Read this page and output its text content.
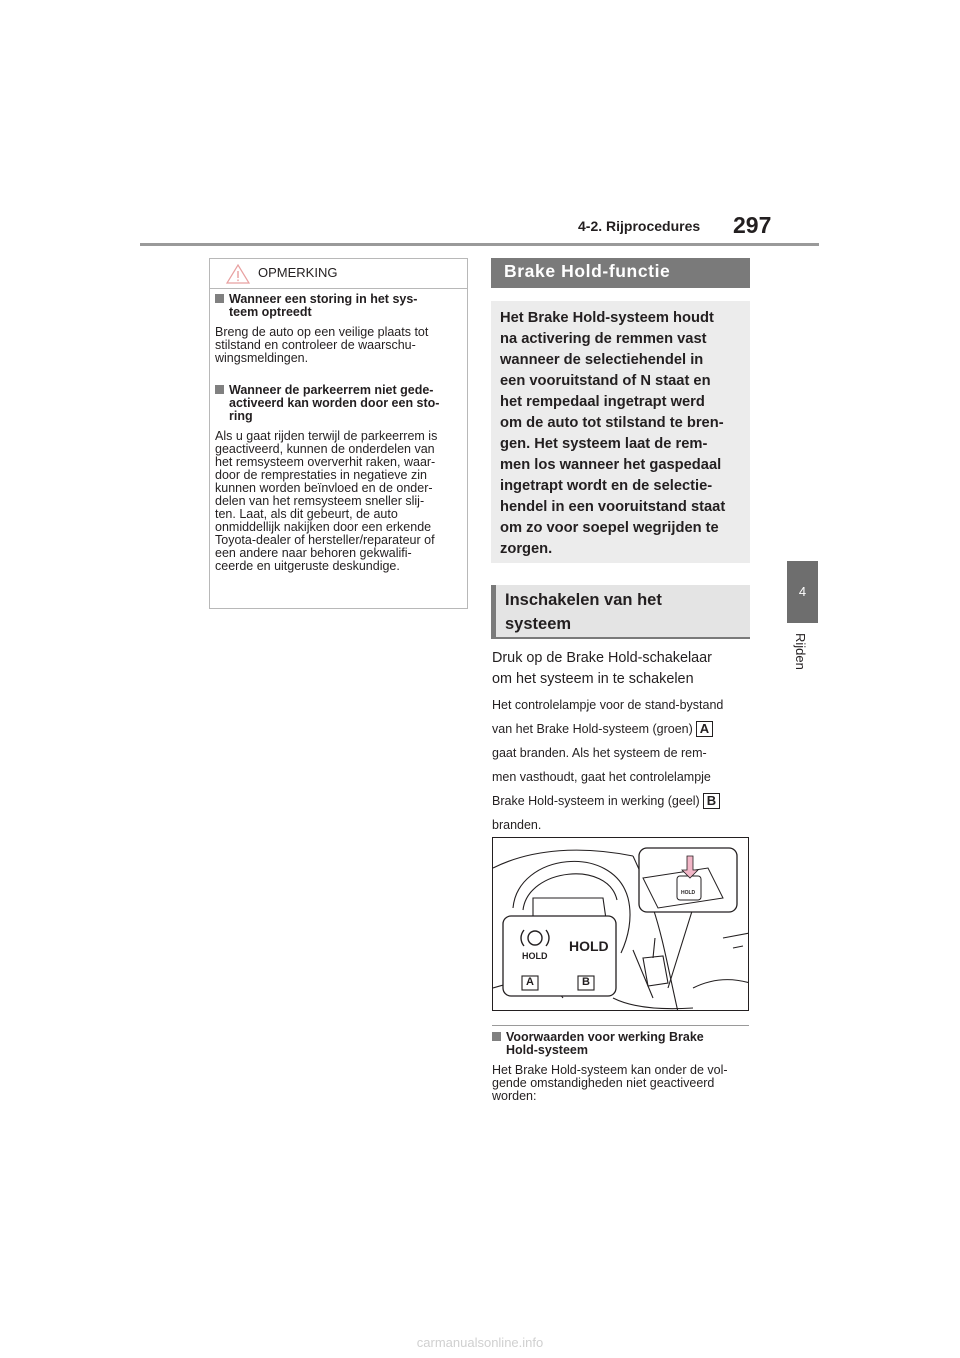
4-2. Rijprocedures 297
4
Rijden
OPMERKING
Wanneer een storing in het sys-
teem optreedt
Breng de auto op een veilige plaats tot
stilstand en controleer de waarschu-
wingsmeldingen.
Wanneer de parkeerrem niet gede-
activeerd kan worden door een sto-
ring
Als u gaat rijden terwijl de parkeerrem is
geactiveerd, kunnen de onderdelen van
het remsysteem oververhit raken, waar-
door de remprestaties in negatieve zin
kunnen worden beïnvloed en de onder-
delen van het remsysteem sneller slij-
ten. Laat, als dit gebeurt, de auto
onmiddellijk nakijken door een erkende
Toyota-dealer of hersteller/reparateur of
een andere naar behoren gekwalifi-
ceerde en uitgeruste deskundige.
Brake Hold-functie
Het Brake Hold-systeem houdt
na activering de remmen vast
wanneer de selectiehendel in
een vooruitstand of N staat en
het rempedaal ingetrapt werd
om de auto tot stilstand te bren-
gen. Het systeem laat de rem-
men los wanneer het gaspedaal
ingetrapt wordt en de selectie-
hendel in een vooruitstand staat
om zo voor soepel wegrijden te
zorgen.
Inschakelen van het
systeem
Druk op de Brake Hold-schakelaar
om het systeem in te schakelen
Het controlelampje voor de stand-bystand
van het Brake Hold-systeem (groen) A
gaat branden. Als het systeem de rem-
men vasthoudt, gaat het controlelampje
Brake Hold-systeem in werking (geel) B
branden.
HOLD
HOLD
A	B
HOLD
Voorwaarden voor werking Brake
Hold-systeem
Het Brake Hold-systeem kan onder de vol-
gende omstandigheden niet geactiveerd
worden:
carmanualsonline.info
